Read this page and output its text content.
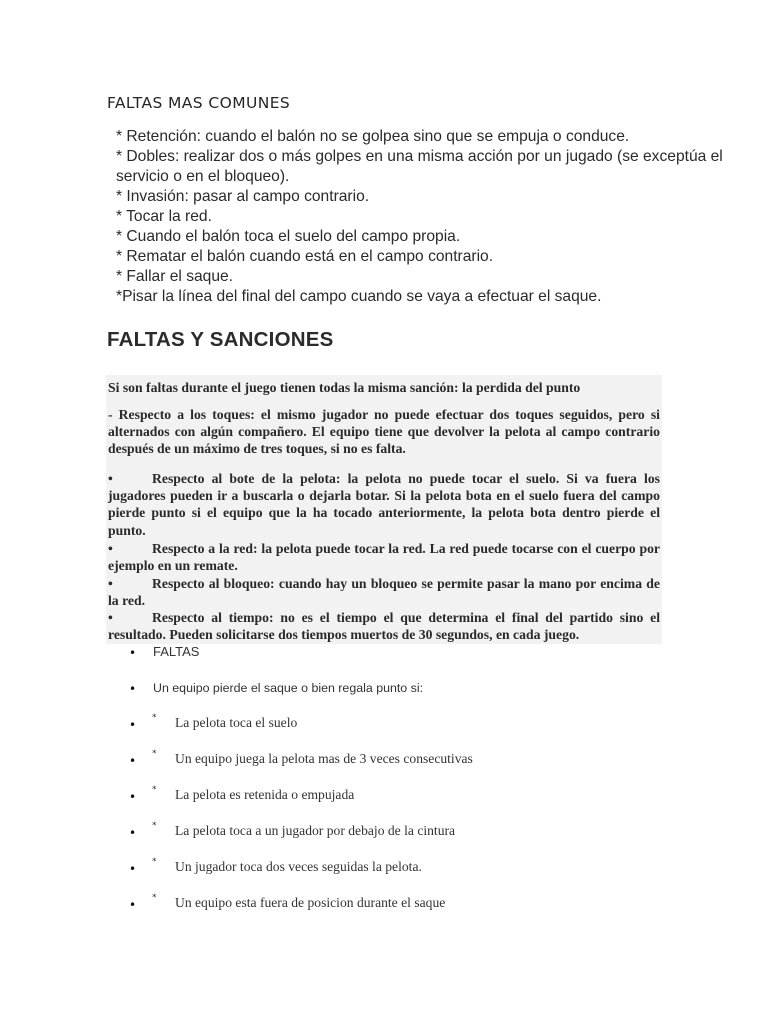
FALTAS MAS COMUNES
* Retención: cuando el balón no se golpea sino que se empuja o conduce.
* Dobles: realizar dos o más golpes en una misma acción por un jugado (se exceptúa el
servicio o en el bloqueo).
* Invasión: pasar al campo contrario.
* Tocar la red.
* Cuando el balón toca el suelo del campo propia.
* Rematar el balón cuando está en el campo contrario.
* Fallar el saque.
*Pisar la línea del final del campo cuando se vaya a efectuar el saque.
FALTAS Y SANCIONES

Si son faltas durante el juego tienen todas la misma sanción: la perdida del punto

- Respecto a los toques: el mismo jugador no puede efectuar dos toques seguidos, pero si alternados con algún compañero. El equipo tiene que devolver la pelota al campo contrario después de un máximo de tres toques, si no es falta.

•	Respecto al bote de la pelota: la pelota no puede tocar el suelo. Si va fuera los jugadores pueden ir a buscarla o dejarla botar. Si la pelota bota en el suelo fuera del campo pierde punto si el equipo que la ha tocado anteriormente, la pelota bota dentro pierde el punto.

•	Respecto a la red: la pelota puede tocar la red. La red puede tocarse con el cuerpo por ejemplo en un remate.

•	Respecto al bloqueo: cuando hay un bloqueo se permite pasar la mano por encima de la red.

•	Respecto al tiempo: no es el tiempo el que determina el final del partido sino el resultado. Pueden solicitarse dos tiempos muertos de 30 segundos, en cada juego.

• FALTAS
• Un equipo pierde el saque o bien regala punto si:
• * La pelota toca el suelo
• * Un equipo juega la pelota mas de 3 veces consecutivas
• * La pelota es retenida o empujada
• * La pelota toca a un jugador por debajo de la cintura
• * Un jugador toca dos veces seguidas la pelota.
• * Un equipo esta fuera de posicion durante el saque
